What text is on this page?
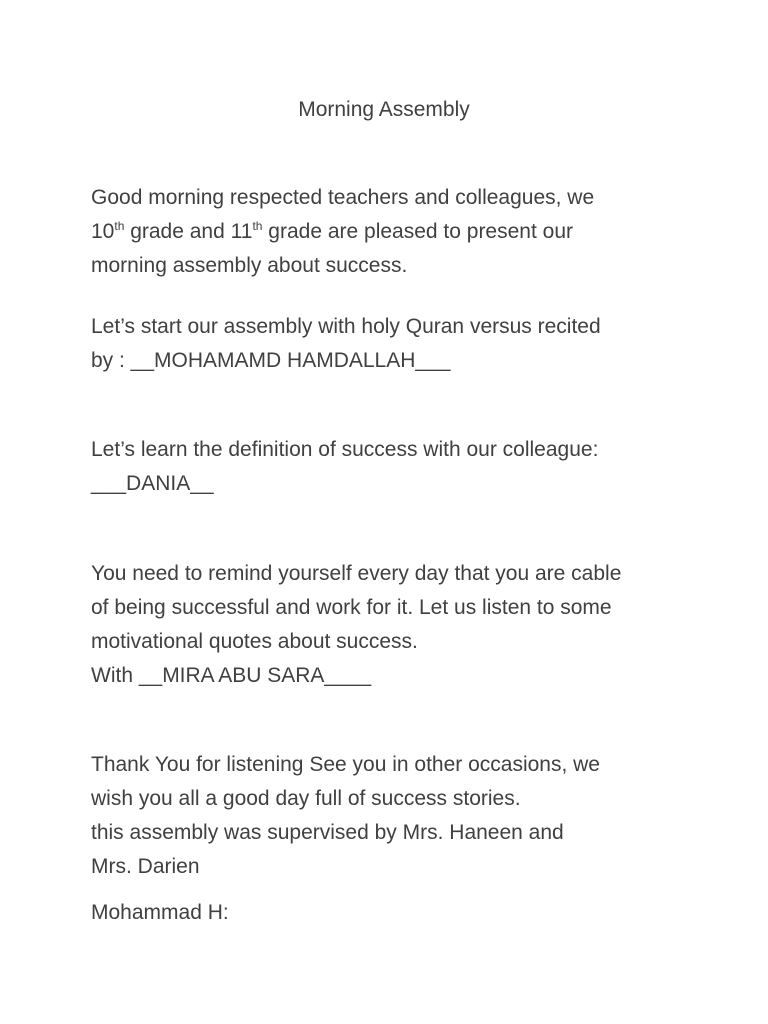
Morning Assembly

Good morning respected teachers and colleagues, we
10th grade and 11th grade are pleased to present our
morning assembly about success.

Let’s start our assembly with holy Quran versus recited
by : __MOHAMAMD HAMDALLAH___

Let’s learn the definition of success with our colleague:
___DANIA__

You need to remind yourself every day that you are cable
of being successful and work for it. Let us listen to some
motivational quotes about success.
With __MIRA ABU SARA____

Thank You for listening See you in other occasions, we
wish you all a good day full of success stories.
this assembly was supervised by Mrs. Haneen and
Mrs. Darien

Mohammad H:
